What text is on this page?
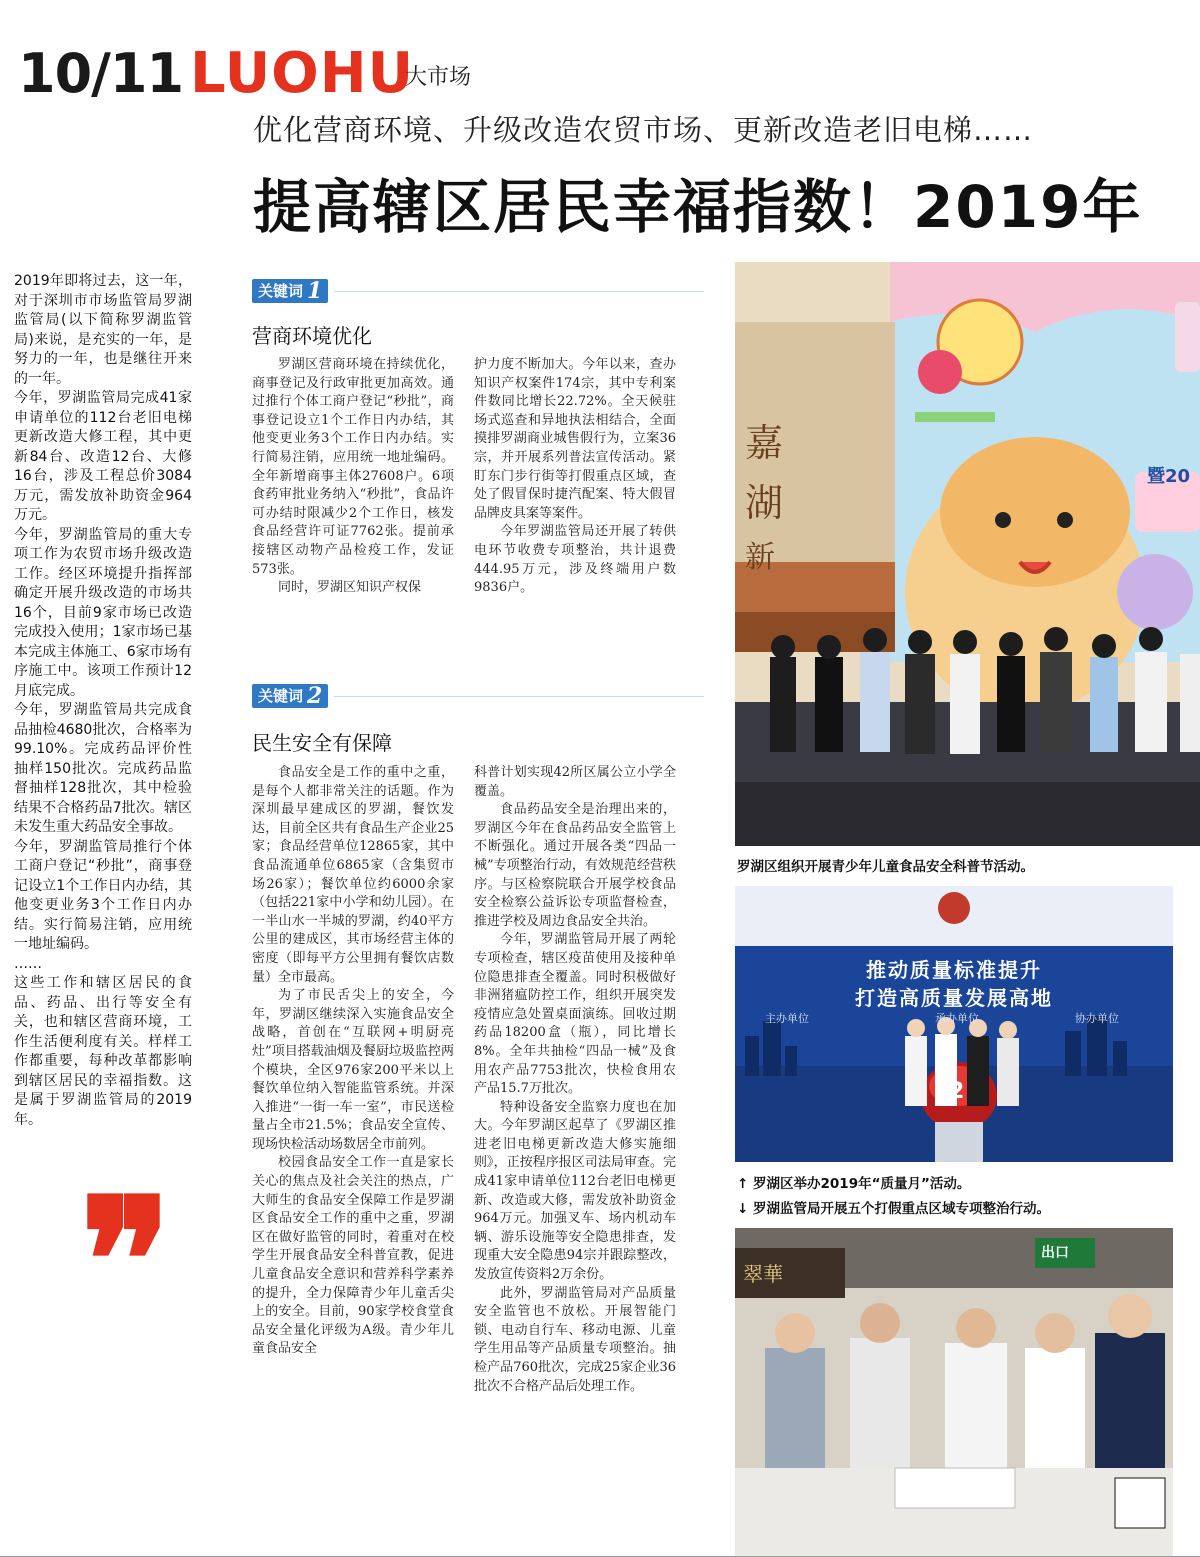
10/11 LUOHU
大市场
优化营商环境、升级改造农贸市场、更新改造老旧电梯……
提高辖区居民幸福指数！2019年

2019年即将过去，这一年，对于深圳市市场监管局罗湖监管局(以下简称罗湖监管局)来说，是充实的一年，是努力的一年，也是继往开来的一年。

今年，罗湖监管局完成41家申请单位的112台老旧电梯更新改造大修工程，其中更新84台、改造12台、大修16台，涉及工程总价3084万元，需发放补助资金964万元。

今年，罗湖监管局的重大专项工作为农贸市场升级改造工作。经区环境提升指挥部确定开展升级改造的市场共16个，目前9家市场已改造完成投入使用；1家市场已基本完成主体施工、6家市场有序施工中。该项工作预计12月底完成。

今年，罗湖监管局共完成食品抽检4680批次，合格率为99.10%。完成药品评价性抽样150批次。完成药品监督抽样128批次，其中检验结果不合格药品7批次。辖区未发生重大药品安全事故。

今年，罗湖监管局推行个体工商户登记“秒批”，商事登记设立1个工作日内办结，其他变更业务3个工作日内办结。实行简易注销，应用统一地址编码。

……

这些工作和辖区居民的食品、药品、出行等安全有关，也和辖区营商环境，工作生活便利度有关。样样工作都重要，每种改革都影响到辖区居民的幸福指数。这是属于罗湖监管局的2019年。

❞
关键词 1
营商环境优化

罗湖区营商环境在持续优化，商事登记及行政审批更加高效。通过推行个体工商户登记“秒批”，商事登记设立1个工作日内办结，其他变更业务3个工作日内办结。实行简易注销，应用统一地址编码。全年新增商事主体27608户。6项食药审批业务纳入“秒批”，食品许可办结时限减少2个工作日，核发食品经营许可证7762张。提前承接辖区动物产品检疫工作，发证573张。

同时，罗湖区知识产权保

护力度不断加大。今年以来，查办知识产权案件174宗，其中专利案件数同比增长22.72%。全天候驻场式巡查和异地执法相结合，全面摸排罗湖商业城售假行为，立案36宗，并开展系列普法宣传活动。紧盯东门步行街等打假重点区域，查处了假冒保时捷汽配案、特大假冒品牌皮具案等案件。

今年罗湖监管局还开展了转供电环节收费专项整治，共计退费444.95万元，涉及终端用户数9836户。

关键词 2
民生安全有保障

食品安全是工作的重中之重，是每个人都非常关注的话题。作为深圳最早建成区的罗湖，餐饮发达，目前全区共有食品生产企业25家；食品经营单位12865家，其中食品流通单位6865家（含集贸市场26家）；餐饮单位约6000余家（包括221家中小学和幼儿园）。在一半山水一半城的罗湖，约40平方公里的建成区，其市场经营主体的密度（即每平方公里拥有餐饮店数量）全市最高。

为了市民舌尖上的安全，今年，罗湖区继续深入实施食品安全战略，首创在“互联网+明厨亮灶”项目搭载油烟及餐厨垃圾监控两个模块，全区976家200平米以上餐饮单位纳入智能监管系统。并深入推进“一街一车一室”，市民送检量占全市21.5%；食品安全宣传、现场快检活动场数居全市前列。

校园食品安全工作一直是家长关心的焦点及社会关注的热点，广大师生的食品安全保障工作是罗湖区食品安全工作的重中之重，罗湖区在做好监管的同时，着重对在校学生开展食品安全科普宣教，促进儿童食品安全意识和营养科学素养的提升，全力保障青少年儿童舌尖上的安全。目前，90家学校食堂食品安全量化评级为A级。青少年儿童食品安全

科普计划实现42所区属公立小学全覆盖。

食品药品安全是治理出来的，罗湖区今年在食品药品安全监管上不断强化。通过开展各类“四品一械”专项整治行动，有效规范经营秩序。与区检察院联合开展学校食品安全检察公益诉讼专项监督检查，推进学校及周边食品安全共治。

今年，罗湖监管局开展了两轮专项检查，辖区疫苗使用及接种单位隐患排查全覆盖。同时积极做好非洲猪瘟防控工作，组织开展突发疫情应急处置桌面演练。回收过期药品18200盒（瓶），同比增长8%。全年共抽检“四品一械”及食用农产品7753批次，快检食用农产品15.7万批次。

特种设备安全监察力度也在加大。今年罗湖区起草了《罗湖区推进老旧电梯更新改造大修实施细则》，正按程序报区司法局审查。完成41家申请单位112台老旧电梯更新、改造或大修，需发放补助资金964万元。加强叉车、场内机动车辆、游乐设施等安全隐患排查，发现重大安全隐患94宗并跟踪整改，发放宣传资料2万余份。

此外，罗湖监管局对产品质量安全监管也不放松。开展智能门锁、电动自行车、移动电源、儿童学生用品等产品质量专项整治。抽检产品760批次，完成25家企业36批次不合格产品后处理工作。

嘉
湖
新
暨20
罗湖区组织开展青少年儿童食品安全科普节活动。
2019年罗湖区“质量月”启动仪式
推动质量标准提升
打造高质量发展高地
主办单位	承办单位	协办单位
2
↑ 罗湖区举办2019年“质量月”活动。
↓ 罗湖监管局开展五个打假重点区域专项整治行动。
翠華
出口
